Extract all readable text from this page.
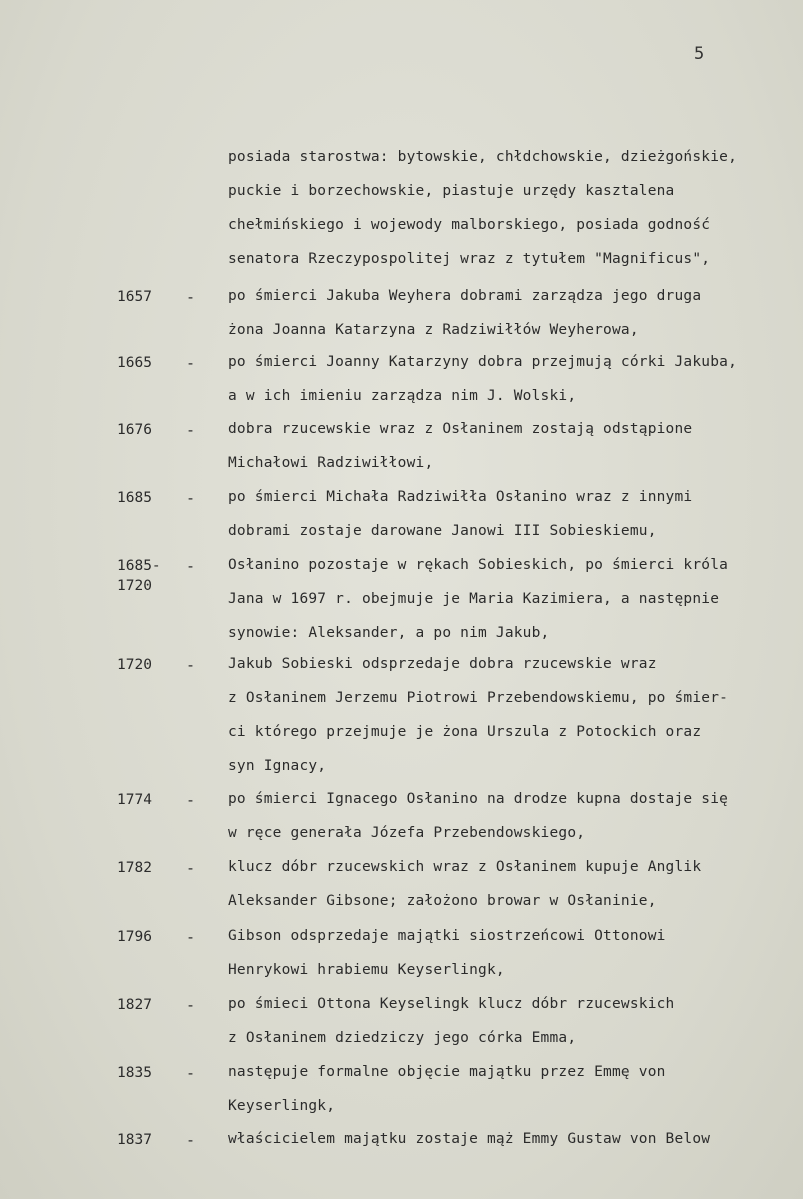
5
posiada starostwa: bytowskie, chłdchowskie, dzieżgońskie,
puckie i borzechowskie, piastuje urzędy kasztalena
chełmińskiego i wojewody malborskiego, posiada godność
senatora Rzeczypospolitej wraz z tytułem "Magnificus",
1657 - po śmierci Jakuba Weyhera dobrami zarządza jego druga
żona Joanna Katarzyna z Radziwiłłów Weyherowa,
1665 - po śmierci Joanny Katarzyny dobra przejmują córki Jakuba,
a w ich imieniu zarządza nim J. Wolski,
1676 - dobra rzucewskie wraz z Osłaninem zostają odstąpione
Michałowi Radziwiłłowi,
1685 - po śmierci Michała Radziwiłła Osłanino wraz z innymi
dobrami zostaje darowane Janowi III Sobieskiemu,
1685-
1720
- Osłanino pozostaje w rękach Sobieskich, po śmierci króla
Jana w 1697 r. obejmuje je Maria Kazimiera, a następnie
synowie: Aleksander, a po nim Jakub,
1720 - Jakub Sobieski odsprzedaje dobra rzucewskie wraz
z Osłaninem Jerzemu Piotrowi Przebendowskiemu, po śmier-
ci którego przejmuje je żona Urszula z Potockich oraz
syn Ignacy,
1774 - po śmierci Ignacego Osłanino na drodze kupna dostaje się
w ręce generała Józefa Przebendowskiego,
1782 - klucz dóbr rzucewskich wraz z Osłaninem kupuje Anglik
Aleksander Gibsone; założono browar w Osłaninie,
1796 - Gibson odsprzedaje majątki siostrzeńcowi Ottonowi
Henrykowi hrabiemu Keyserlingk,
1827 - po śmieci Ottona Keyselingk klucz dóbr rzucewskich
z Osłaninem dziedziczy jego córka Emma,
1835 - następuje formalne objęcie majątku przez Emmę von
Keyserlingk,
1837 - właścicielem majątku zostaje mąż Emmy Gustaw von Below
